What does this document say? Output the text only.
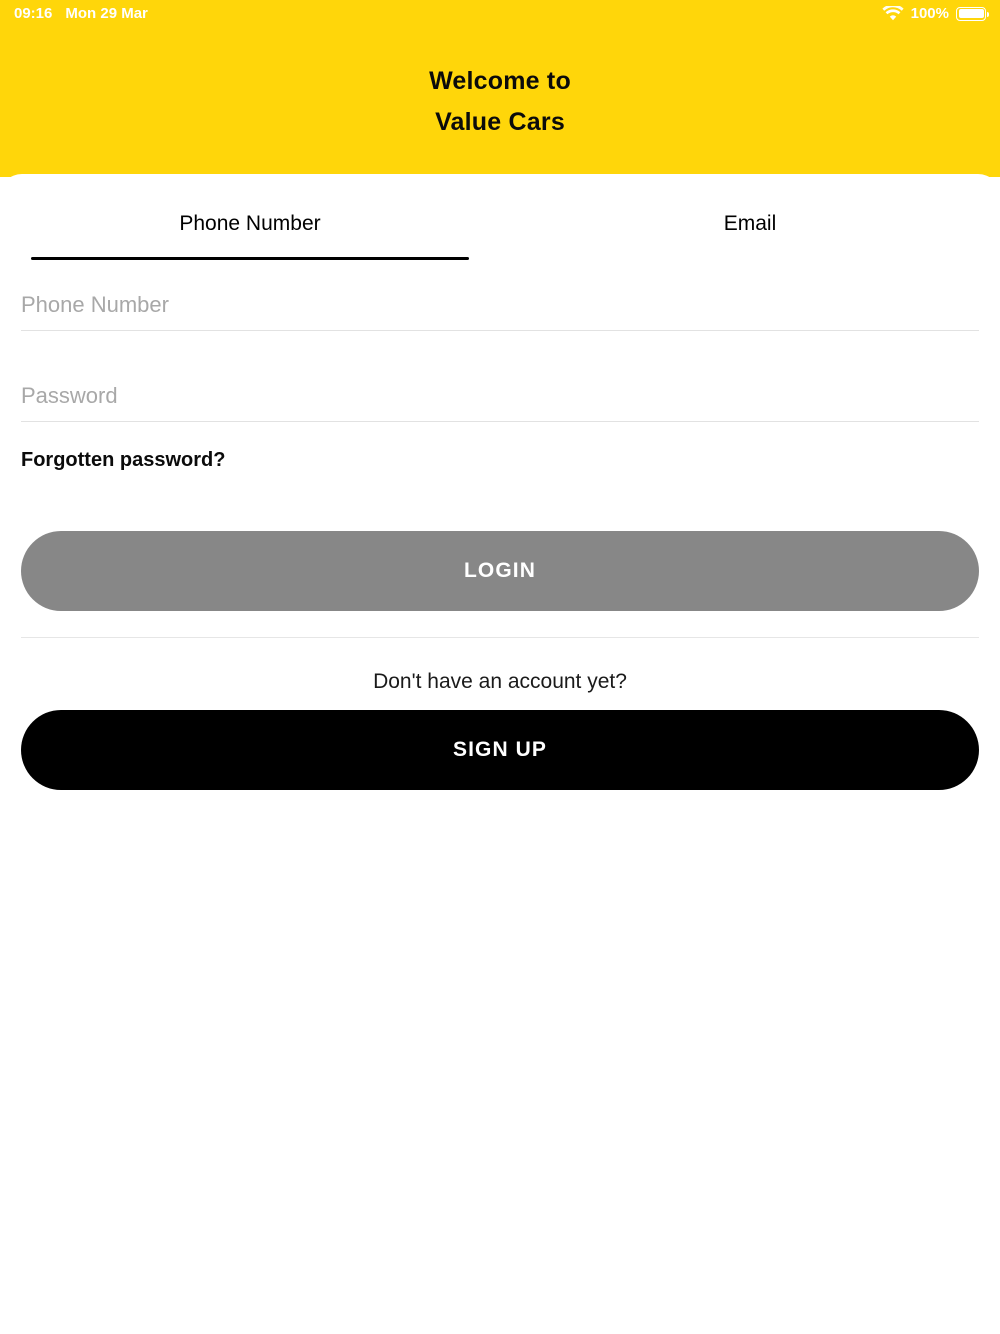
09:16 Mon 29 Mar	100%
Welcome to
Value Cars
Phone Number	Email
Phone Number
Forgotten password?
LOGIN
Don't have an account yet?
SIGN UP
